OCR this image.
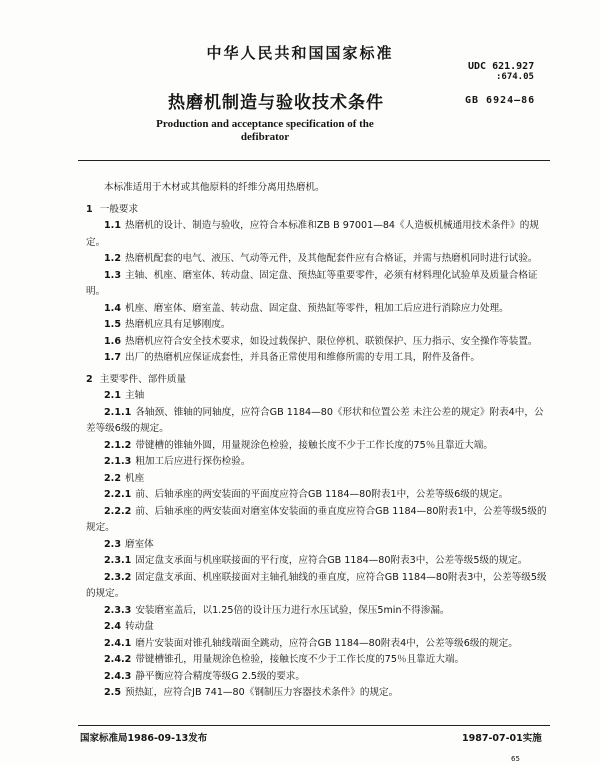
中华人民共和国国家标准
UDC 621.927
:674.05
热磨机制造与验收技术条件	GB 6924—86
Production and acceptance specification of the defibrator

本标准适用于木材或其他原料的纤维分离用热磨机。

1 一般要求

1.1 热磨机的设计、制造与验收，应符合本标准和ZB B 97001—84《人造板机械通用技术条件》的规定。

1.2 热磨机配套的电气、液压、气动等元件，及其他配套件应有合格证，并需与热磨机同时进行试验。

1.3 主轴、机座、磨室体、转动盘、固定盘、预热缸等重要零件，必须有材料理化试验单及质量合格证明。

1.4 机座、磨室体、磨室盖、转动盘、固定盘、预热缸等零件，粗加工后应进行消除应力处理。

1.5 热磨机应具有足够刚度。

1.6 热磨机应符合安全技术要求，如设过载保护、限位停机、联锁保护、压力指示、安全操作等装置。

1.7 出厂的热磨机应保证成套性，并具备正常使用和维修所需的专用工具，附件及备件。

2 主要零件、部件质量

2.1 主轴

2.1.1 各轴颈、锥轴的同轴度，应符合GB 1184—80《形状和位置公差 未注公差的规定》附表4中，公差等级6级的规定。

2.1.2 带键槽的锥轴外圆，用量规涂色检验，接触长度不少于工作长度的75％且靠近大端。

2.1.3 粗加工后应进行探伤检验。

2.2 机座

2.2.1 前、后轴承座的两安装面的平面度应符合GB 1184—80附表1中，公差等级6级的规定。

2.2.2 前、后轴承座的两安装面对磨室体安装面的垂直度应符合GB 1184—80附表1中，公差等级5级的规定。

2.3 磨室体

2.3.1 固定盘支承面与机座联接面的平行度，应符合GB 1184—80附表3中，公差等级5级的规定。

2.3.2 固定盘支承面、机座联接面对主轴孔轴线的垂直度，应符合GB 1184—80附表3中，公差等级5级的规定。

2.3.3 安装磨室盖后，以1.25倍的设计压力进行水压试验，保压5min不得渗漏。

2.4 转动盘

2.4.1 磨片安装面对锥孔轴线端面全跳动，应符合GB 1184—80附表4中，公差等级6级的规定。

2.4.2 带键槽锥孔，用量规涂色检验，接触长度不少于工作长度的75％且靠近大端。

2.4.3 静平衡应符合精度等级G 2.5级的要求。

2.5 预热缸，应符合JB 741—80《钢制压力容器技术条件》的规定。

国家标准局1986-09-13发布	1987-07-01实施
65
